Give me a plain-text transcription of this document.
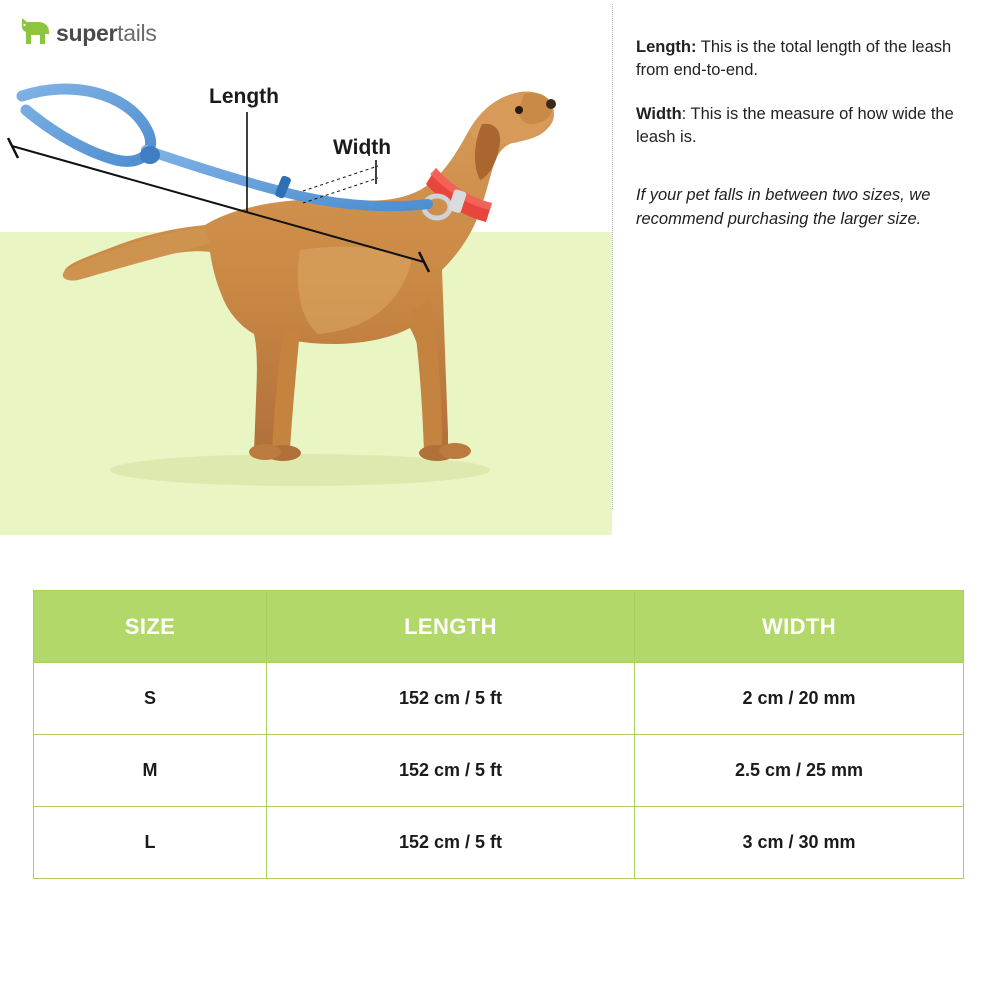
supertails
Length
Width

Length: This is the total length of the leash from end-to-end.

Width: This is the measure of how wide the leash is.

If your pet falls in between two sizes, we recommend purchasing the larger size.

SIZE	LENGTH	WIDTH
S	152 cm / 5 ft	2 cm / 20 mm
M	152 cm / 5 ft	2.5 cm / 25 mm
L	152 cm / 5 ft	3 cm / 30 mm
